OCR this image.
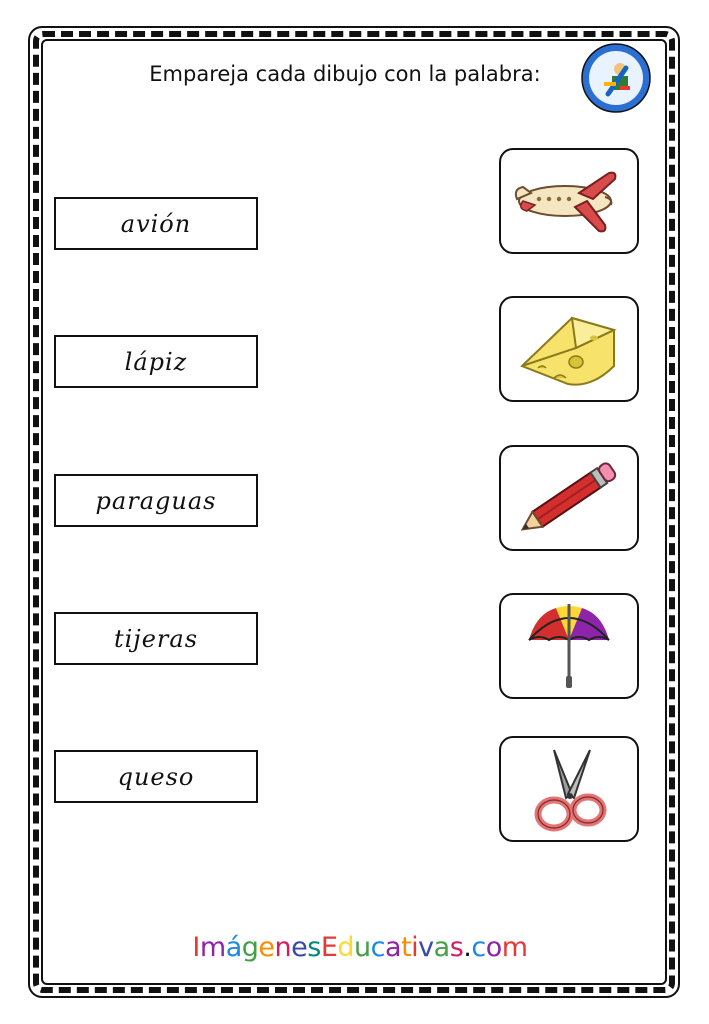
Empareja cada dibujo con la palabra:
avión
lápiz
paraguas
tijeras
queso
ImágenesEducativas.com
